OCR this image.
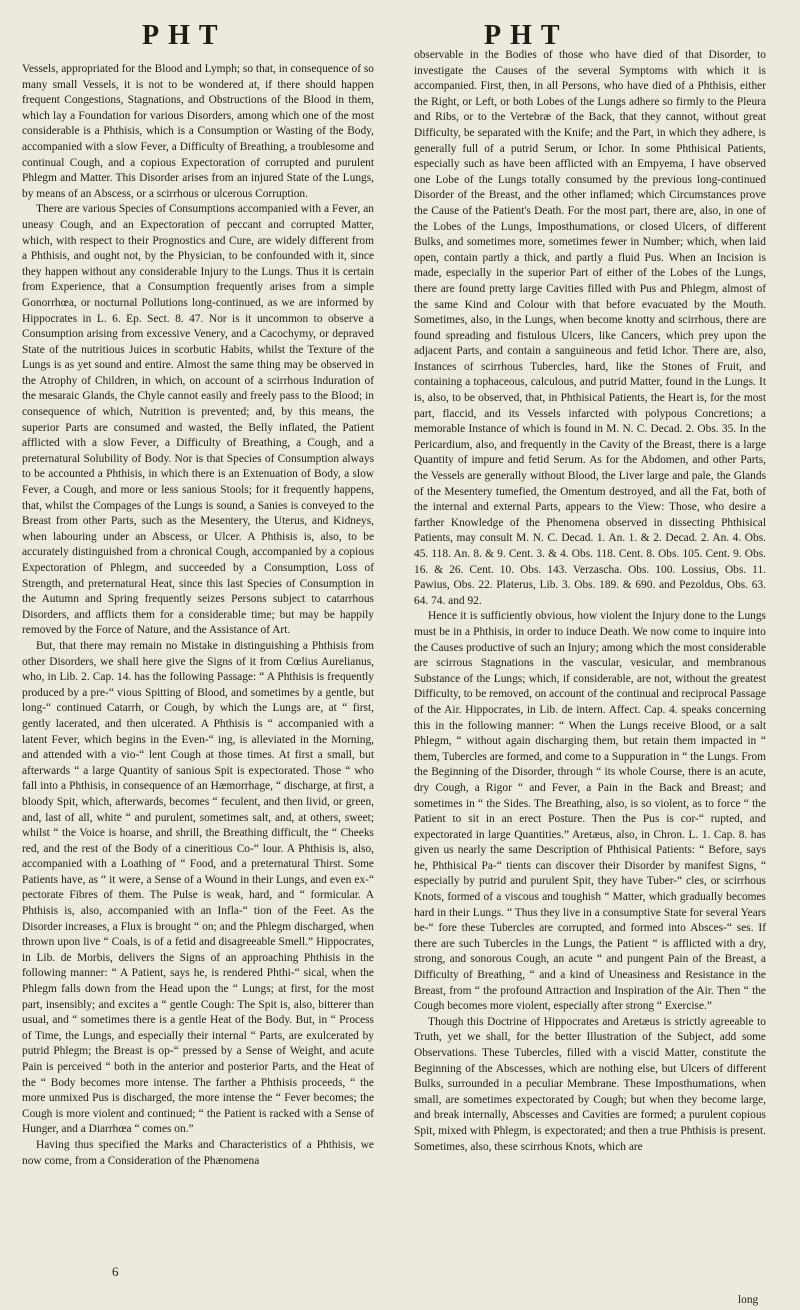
PHT	PHT

Vessels, appropriated for the Blood and Lymph; so that, in consequence of so many small Vessels, it is not to be wondered at, if there should happen frequent Congestions, Stagnations, and Obstructions of the Blood in them, which lay a Foundation for various Disorders, among which one of the most considerable is a Phthisis, which is a Consumption or Wasting of the Body, accompanied with a slow Fever, a Difficulty of Breathing, a troublesome and continual Cough, and a copious Expectoration of corrupted and purulent Phlegm and Matter. This Disorder arises from an injured State of the Lungs, by means of an Abscess, or a scirrhous or ulcerous Corruption.

There are various Species of Consumptions accompanied with a Fever, an uneasy Cough, and an Expectoration of peccant and corrupted Matter, which, with respect to their Prognostics and Cure, are widely different from a Phthisis, and ought not, by the Physician, to be confounded with it, since they happen without any considerable Injury to the Lungs. Thus it is certain from Experience, that a Consumption frequently arises from a simple Gonorrhœa, or nocturnal Pollutions long-continued, as we are informed by Hippocrates in L. 6. Ep. Sect. 8. 47. Nor is it uncommon to observe a Consumption arising from excessive Venery, and a Cacochymy, or depraved State of the nutritious Juices in scorbutic Habits, whilst the Texture of the Lungs is as yet sound and entire. Almost the same thing may be observed in the Atrophy of Children, in which, on account of a scirrhous Induration of the mesaraic Glands, the Chyle cannot easily and freely pass to the Blood; in consequence of which, Nutrition is prevented; and, by this means, the superior Parts are consumed and wasted, the Belly inflated, the Patient afflicted with a slow Fever, a Difficulty of Breathing, a Cough, and a preternatural Solubility of Body. Nor is that Species of Consumption always to be accounted a Phthisis, in which there is an Extenuation of Body, a slow Fever, a Cough, and more or less sanious Stools; for it frequently happens, that, whilst the Compages of the Lungs is sound, a Sanies is conveyed to the Breast from other Parts, such as the Mesentery, the Uterus, and Kidneys, when labouring under an Abscess, or Ulcer. A Phthisis is, also, to be accurately distinguished from a chronical Cough, accompanied by a copious Expectoration of Phlegm, and succeeded by a Consumption, Loss of Strength, and preternatural Heat, since this last Species of Consumption in the Autumn and Spring frequently seizes Persons subject to catarrhous Disorders, and afflicts them for a considerable time; but may be happily removed by the Force of Nature, and the Assistance of Art.

But, that there may remain no Mistake in distinguishing a Phthisis from other Disorders, we shall here give the Signs of it from Cœlius Aurelianus, who, in Lib. 2. Cap. 14. has the following Passage: “ A Phthisis is frequently produced by a pre-“ vious Spitting of Blood, and sometimes by a gentle, but long-“ continued Catarrh, or Cough, by which the Lungs are, at “ first, gently lacerated, and then ulcerated. A Phthisis is “ accompanied with a latent Fever, which begins in the Even-“ ing, is alleviated in the Morning, and attended with a vio-“ lent Cough at those times. At first a small, but afterwards “ a large Quantity of sanious Spit is expectorated. Those “ who fall into a Phthisis, in consequence of an Hæmorrhage, “ discharge, at first, a bloody Spit, which, afterwards, becomes “ feculent, and then livid, or green, and, last of all, white “ and purulent, sometimes salt, and, at others, sweet; whilst “ the Voice is hoarse, and shrill, the Breathing difficult, the “ Cheeks red, and the rest of the Body of a cineritious Co-“ lour. A Phthisis is, also, accompanied with a Loathing of “ Food, and a preternatural Thirst. Some Patients have, as “ it were, a Sense of a Wound in their Lungs, and even ex-“ pectorate Fibres of them. The Pulse is weak, hard, and “ formicular. A Phthisis is, also, accompanied with an Infla-“ tion of the Feet. As the Disorder increases, a Flux is brought “ on; and the Phlegm discharged, when thrown upon live “ Coals, is of a fetid and disagreeable Smell.” Hippocrates, in Lib. de Morbis, delivers the Signs of an approaching Phthisis in the following manner: “ A Patient, says he, is rendered Phthi-“ sical, when the Phlegm falls down from the Head upon the “ Lungs; at first, for the most part, insensibly; and excites a “ gentle Cough: The Spit is, also, bitterer than usual, and “ sometimes there is a gentle Heat of the Body. But, in “ Process of Time, the Lungs, and especially their internal “ Parts, are exulcerated by putrid Phlegm; the Breast is op-“ pressed by a Sense of Weight, and acute Pain is perceived “ both in the anterior and posterior Parts, and the Heat of the “ Body becomes more intense. The farther a Phthisis proceeds, “ the more unmixed Pus is discharged, the more intense the “ Fever becomes; the Cough is more violent and continued; “ the Patient is racked with a Sense of Hunger, and a Diarrhœa “ comes on.”

Having thus specified the Marks and Characteristics of a Phthisis, we now come, from a Consideration of the Phænomena

observable in the Bodies of those who have died of that Disorder, to investigate the Causes of the several Symptoms with which it is accompanied. First, then, in all Persons, who have died of a Phthisis, either the Right, or Left, or both Lobes of the Lungs adhere so firmly to the Pleura and Ribs, or to the Vertebræ of the Back, that they cannot, without great Difficulty, be separated with the Knife; and the Part, in which they adhere, is generally full of a putrid Serum, or Ichor. In some Phthisical Patients, especially such as have been afflicted with an Empyema, I have observed one Lobe of the Lungs totally consumed by the previous long-continued Disorder of the Breast, and the other inflamed; which Circumstances prove the Cause of the Patient's Death. For the most part, there are, also, in one of the Lobes of the Lungs, Imposthumations, or closed Ulcers, of different Bulks, and sometimes more, sometimes fewer in Number; which, when laid open, contain partly a thick, and partly a fluid Pus. When an Incision is made, especially in the superior Part of either of the Lobes of the Lungs, there are found pretty large Cavities filled with Pus and Phlegm, almost of the same Kind and Colour with that before evacuated by the Mouth. Sometimes, also, in the Lungs, when become knotty and scirrhous, there are found spreading and fistulous Ulcers, like Cancers, which prey upon the adjacent Parts, and contain a sanguineous and fetid Ichor. There are, also, Instances of scirrhous Tubercles, hard, like the Stones of Fruit, and containing a tophaceous, calculous, and putrid Matter, found in the Lungs. It is, also, to be observed, that, in Phthisical Patients, the Heart is, for the most part, flaccid, and its Vessels infarcted with polypous Concretions; a memorable Instance of which is found in M. N. C. Decad. 2. Obs. 35. In the Pericardium, also, and frequently in the Cavity of the Breast, there is a large Quantity of impure and fetid Serum. As for the Abdomen, and other Parts, the Vessels are generally without Blood, the Liver large and pale, the Glands of the Mesentery tumefied, the Omentum destroyed, and all the Fat, both of the internal and external Parts, appears to the View: Those, who desire a farther Knowledge of the Phenomena observed in dissecting Phthisical Patients, may consult M. N. C. Decad. 1. An. 1. & 2. Decad. 2. An. 4. Obs. 45. 118. An. 8. & 9. Cent. 3. & 4. Obs. 118. Cent. 8. Obs. 105. Cent. 9. Obs. 16. & 26. Cent. 10. Obs. 143. Verzascha. Obs. 100. Lossius, Obs. 11. Pawius, Obs. 22. Platerus, Lib. 3. Obs. 189. & 690. and Pezoldus, Obs. 63. 64. 74. and 92.

Hence it is sufficiently obvious, how violent the Injury done to the Lungs must be in a Phthisis, in order to induce Death. We now come to inquire into the Causes productive of such an Injury; among which the most considerable are scirrous Stagnations in the vascular, vesicular, and membranous Substance of the Lungs; which, if considerable, are not, without the greatest Difficulty, to be removed, on account of the continual and reciprocal Passage of the Air. Hippocrates, in Lib. de intern. Affect. Cap. 4. speaks concerning this in the following manner: “ When the Lungs receive Blood, or a salt Phlegm, “ without again discharging them, but retain them impacted in “ them, Tubercles are formed, and come to a Suppuration in “ the Lungs. From the Beginning of the Disorder, through “ its whole Course, there is an acute, dry Cough, a Rigor “ and Fever, a Pain in the Back and Breast; and sometimes in “ the Sides. The Breathing, also, is so violent, as to force “ the Patient to sit in an erect Posture. Then the Pus is cor-“ rupted, and expectorated in large Quantities.” Aretæus, also, in Chron. L. 1. Cap. 8. has given us nearly the same Description of Phthisical Patients: “ Before, says he, Phthisical Pa-“ tients can discover their Disorder by manifest Signs, “ especially by putrid and purulent Spit, they have Tuber-“ cles, or scirrhous Knots, formed of a viscous and toughish “ Matter, which gradually becomes hard in their Lungs. “ Thus they live in a consumptive State for several Years be-“ fore these Tubercles are corrupted, and formed into Absces-“ ses. If there are such Tubercles in the Lungs, the Patient “ is afflicted with a dry, strong, and sonorous Cough, an acute “ and pungent Pain of the Breast, a Difficulty of Breathing, “ and a kind of Uneasiness and Resistance in the Breast, from “ the profound Attraction and Inspiration of the Air. Then “ the Cough becomes more violent, especially after strong “ Exercise.”

Though this Doctrine of Hippocrates and Aretæus is strictly agreeable to Truth, yet we shall, for the better Illustration of the Subject, add some Observations. These Tubercles, filled with a viscid Matter, constitute the Beginning of the Abscesses, which are nothing else, but Ulcers of different Bulks, surrounded in a peculiar Membrane. These Imposthumations, when small, are sometimes expectorated by Cough; but when they become large, and break internally, Abscesses and Cavities are formed; a purulent copious Spit, mixed with Phlegm, is expectorated; and then a true Phthisis is present. Sometimes, also, these scirrhous Knots, which are

6
long
